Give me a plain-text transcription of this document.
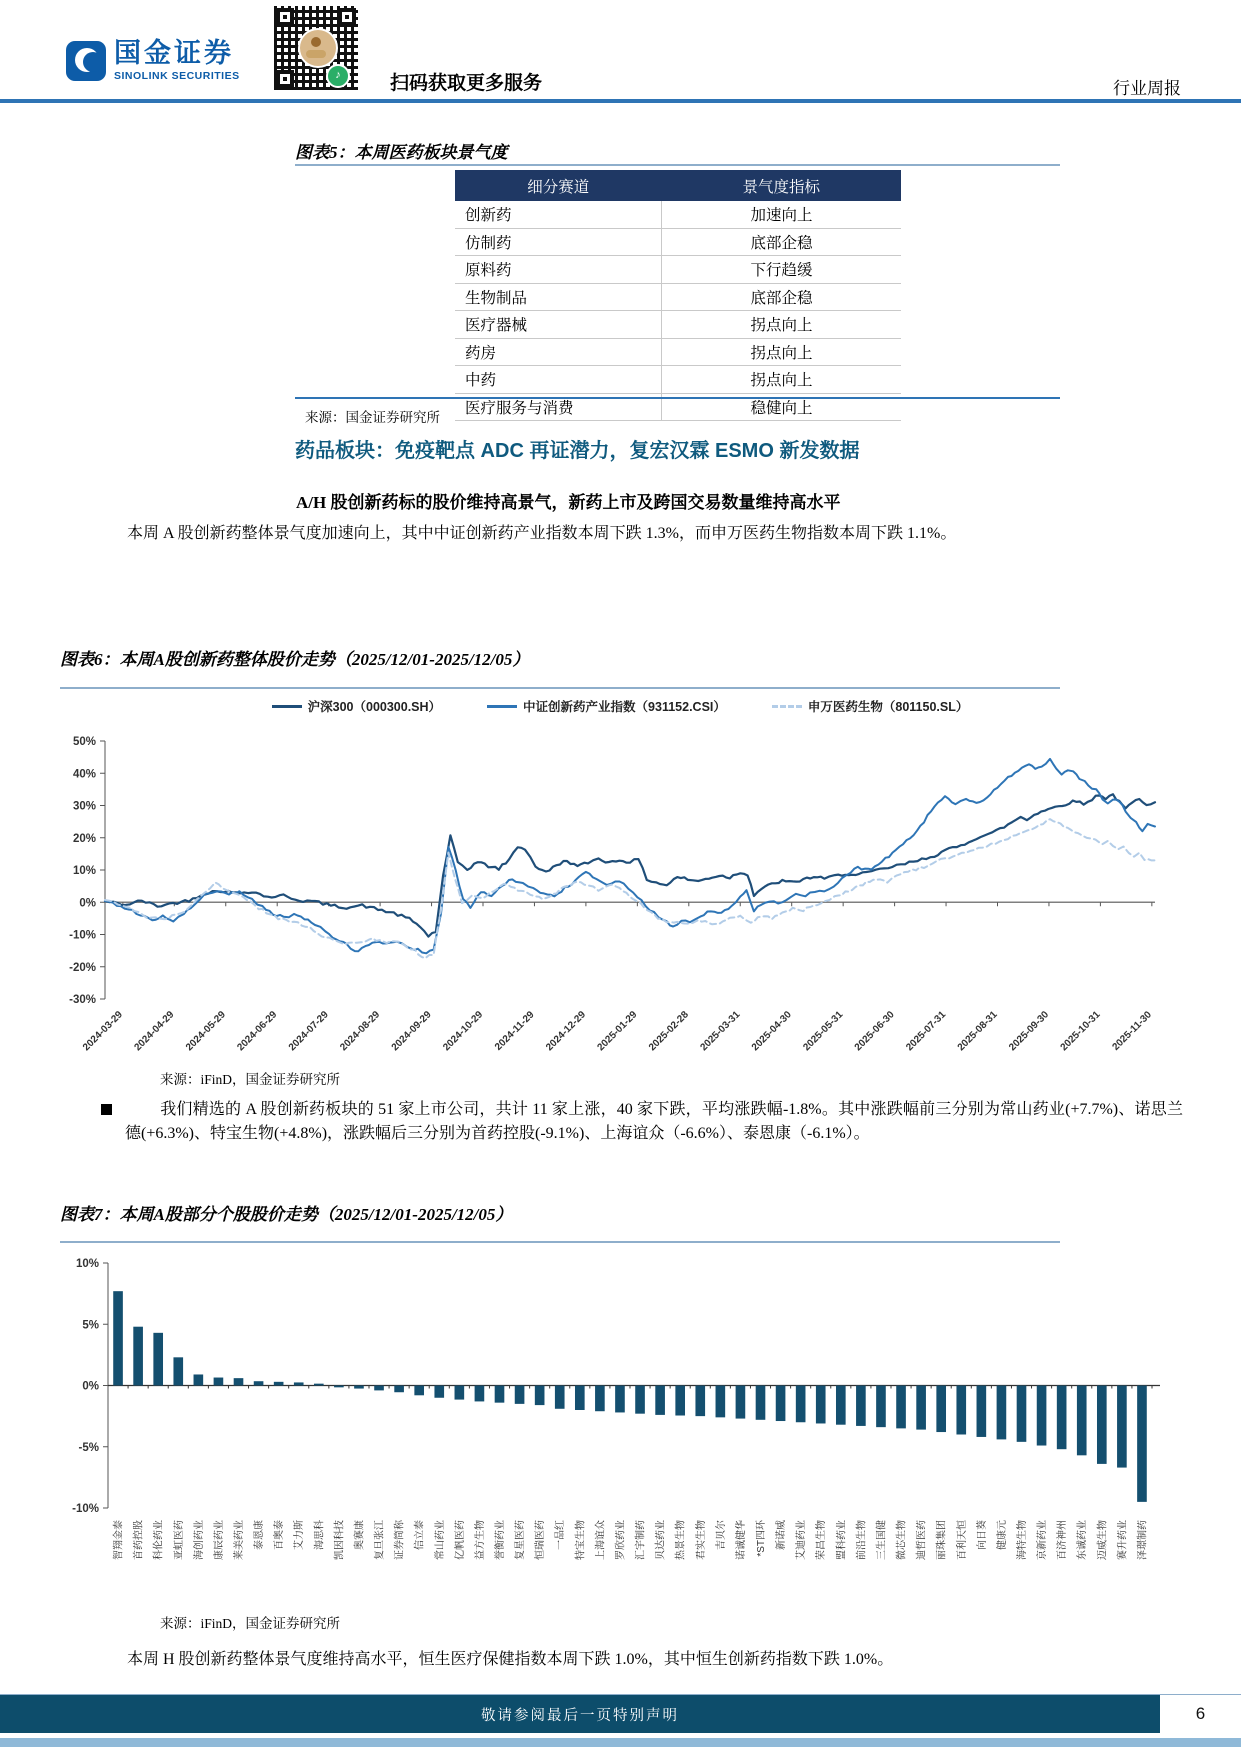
国金证券
SINOLINK SECURITIES	♪	扫码获取更多服务	行业周报
图表5：本周医药板块景气度
细分赛道	景气度指标
创新药	加速向上
仿制药	底部企稳
原料药	下行趋缓
生物制品	底部企稳
医疗器械	拐点向上
药房	拐点向上
中药	拐点向上
医疗服务与消费	稳健向上
来源：国金证券研究所
药品板块：免疫靶点 ADC 再证潜力，复宏汉霖 ESMO 新发数据
A/H 股创新药标的股价维持高景气，新药上市及跨国交易数量维持高水平
本周 A 股创新药整体景气度加速向上，其中中证创新药产业指数本周下跌 1.3%，而申万医药生物指数本周下跌 1.1%。
图表6：本周A股创新药整体股价走势（2025/12/01-2025/12/05）
沪深300（000300.SH）	中证创新药产业指数（931152.CSI）	申万医药生物（801150.SL）
50%
40%
30%
20%
10%
0%
-10%
-20%
-30%
2024-03-29 2024-04-29 2024-05-29 2024-06-29 2024-07-29 2024-08-29 2024-09-29 2024-10-29 2024-11-29 2024-12-29 2025-01-29 2025-02-28 2025-03-31 2025-04-30 2025-05-31 2025-06-30 2025-07-31 2025-08-31 2025-09-30 2025-10-31 2025-11-30
来源：iFinD，国金证券研究所
我们精选的 A 股创新药板块的 51 家上市公司，共计 11 家上涨，40 家下跌，平均涨跌幅-1.8%。其中涨跌幅前三分别为常山药业(+7.7%)、诺思兰德(+6.3%)、特宝生物(+4.8%)，涨跌幅后三分别为首药控股(-9.1%)、上海谊众（-6.6%）、泰恩康（-6.1%）。
图表7：本周A股部分个股股价走势（2025/12/01-2025/12/05）
10%
5%
0%
-5%
-10%
智翔金泰 首药控股 科伦药业 亚虹医药 海创药业 康辰药业 莱美药业 泰恩康 百奥泰 艾力斯 海思科 凯因科技 奥赛康 复旦张江 证券简称 信立泰 常山药业 亿帆医药 益方生物 誉衡药业 复星医药 恒瑞医药 一品红 特宝生物 上海谊众 罗欣药业 汇宇制药 贝达药业 热景生物 君实生物 吉贝尔 诺诚健华 *ST四环 新诺威 艾迪药业 荣昌生物 盟科药业 前沿生物 三生国健 微芯生物 迪哲医药 丽珠集团 百利天恒 向日葵 健康元 海特生物 京新药业 百济神州 东诚药业 迈威生物 赛升药业 泽璟制药
来源：iFinD，国金证券研究所
本周 H 股创新药整体景气度维持高水平，恒生医疗保健指数本周下跌 1.0%，其中恒生创新药指数下跌 1.0%。
敬请参阅最后一页特别声明	6
